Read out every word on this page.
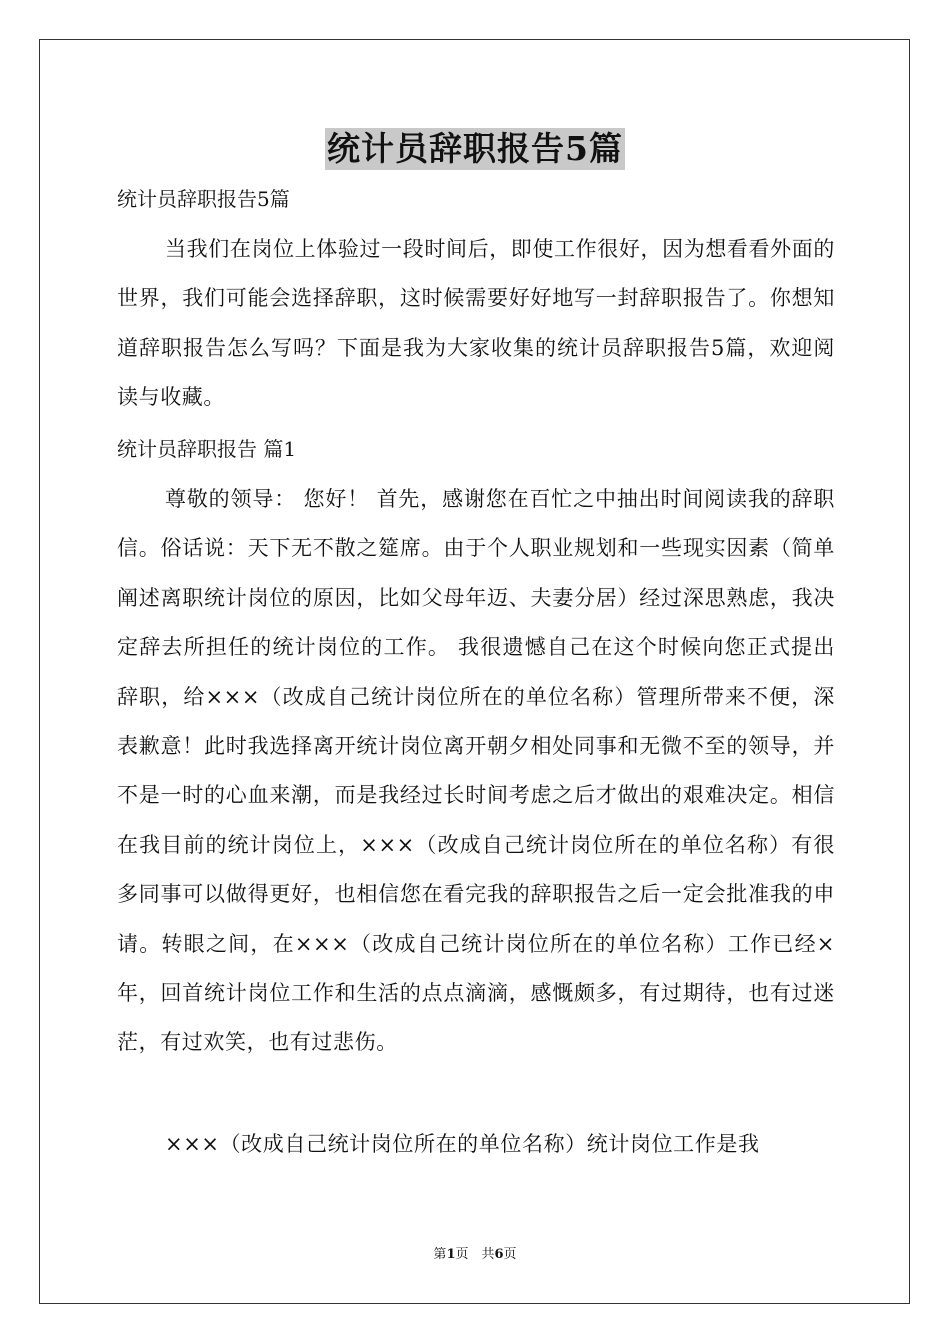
统计员辞职报告5篇
统计员辞职报告5篇
当我们在岗位上体验过一段时间后，即使工作很好，因为想看看外面的世界，我们可能会选择辞职，这时候需要好好地写一封辞职报告了。你想知道辞职报告怎么写吗？下面是我为大家收集的统计员辞职报告5篇，欢迎阅读与收藏。
统计员辞职报告 篇1
尊敬的领导： 您好！ 首先，感谢您在百忙之中抽出时间阅读我的辞职信。俗话说：天下无不散之筵席。由于个人职业规划和一些现实因素（简单阐述离职统计岗位的原因，比如父母年迈、夫妻分居）经过深思熟虑，我决定辞去所担任的统计岗位的工作。 我很遗憾自己在这个时候向您正式提出辞职，给×××（改成自己统计岗位所在的单位名称）管理所带来不便，深表歉意！此时我选择离开统计岗位离开朝夕相处同事和无微不至的领导，并不是一时的心血来潮，而是我经过长时间考虑之后才做出的艰难决定。相信在我目前的统计岗位上，×××（改成自己统计岗位所在的单位名称）有很多同事可以做得更好，也相信您在看完我的辞职报告之后一定会批准我的申请。转眼之间，在×××（改成自己统计岗位所在的单位名称）工作已经×年，回首统计岗位工作和生活的点点滴滴，感慨颇多，有过期待，也有过迷茫，有过欢笑，也有过悲伤。
×××（改成自己统计岗位所在的单位名称）统计岗位工作是我
第1页　共6页
